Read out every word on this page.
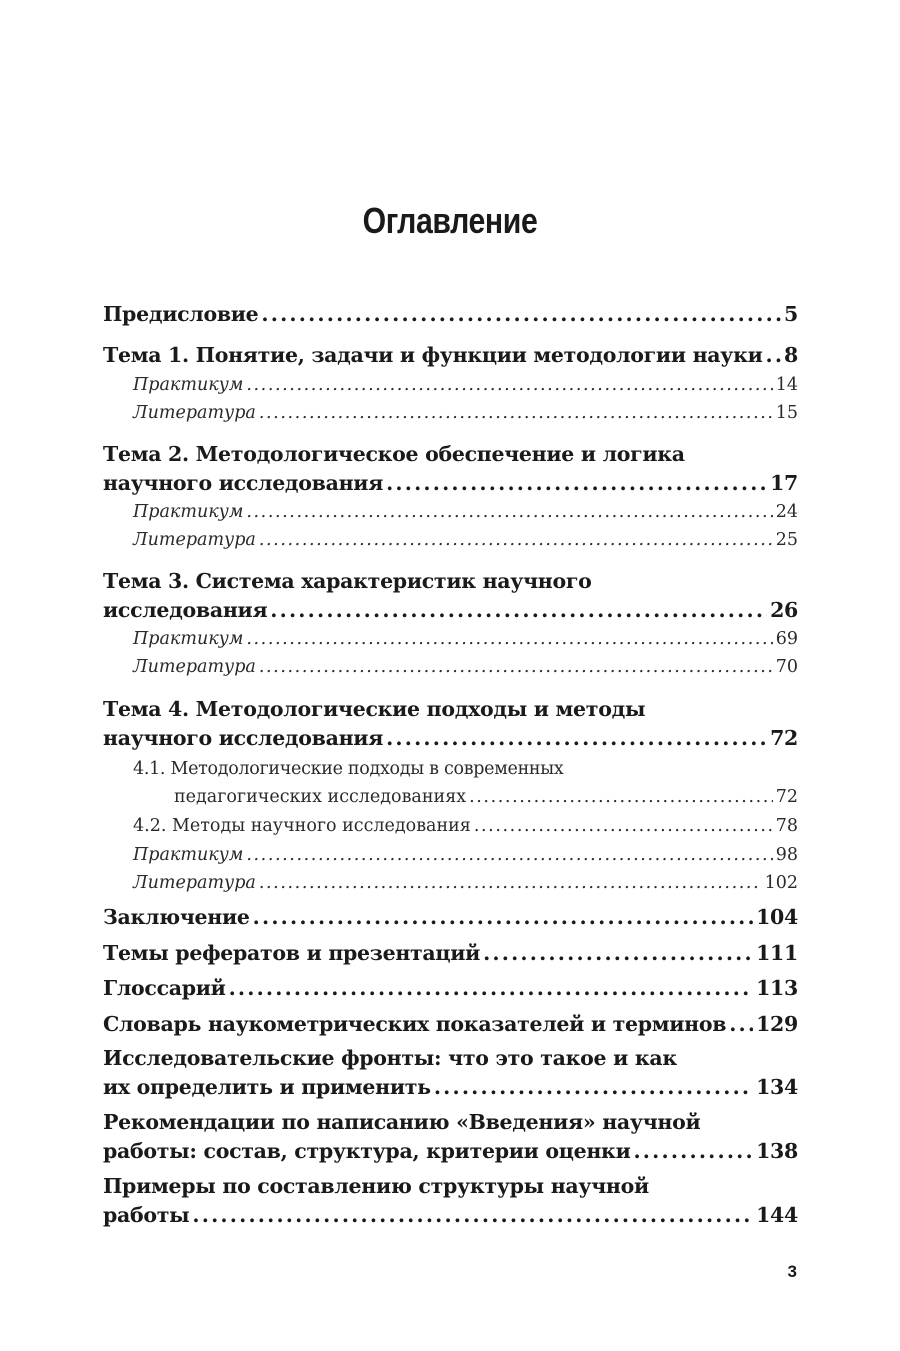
Оглавление
Предисловие .....	5
Тема 1. Понятие, задачи и функции методологии науки ..... 8
Практикум .....	14
Литература .....	15
Тема 2. Методологическое обеспечение и логика
научного исследования .....	17
Практикум .....	24
Литература .....	25
Тема 3. Система характеристик научного
исследования .....	26
Практикум .....	69
Литература .....	70
Тема 4. Методологические подходы и методы
научного исследования .....	72
4.1. Методологические подходы в современных
педагогических исследованиях .....	72
4.2. Методы научного исследования .....	78
Практикум .....	98
Литература .....	102
Заключение .....	104
Темы рефератов и презентаций .....	111
Глоссарий .....	113
Словарь наукометрических показателей и терминов ..... 129
Исследовательские фронты: что это такое и как
их определить и применить .....	134
Рекомендации по написанию «Введения» научной
работы: состав, структура, критерии оценки .....	138
Примеры по составлению структуры научной
работы .....	144
3
